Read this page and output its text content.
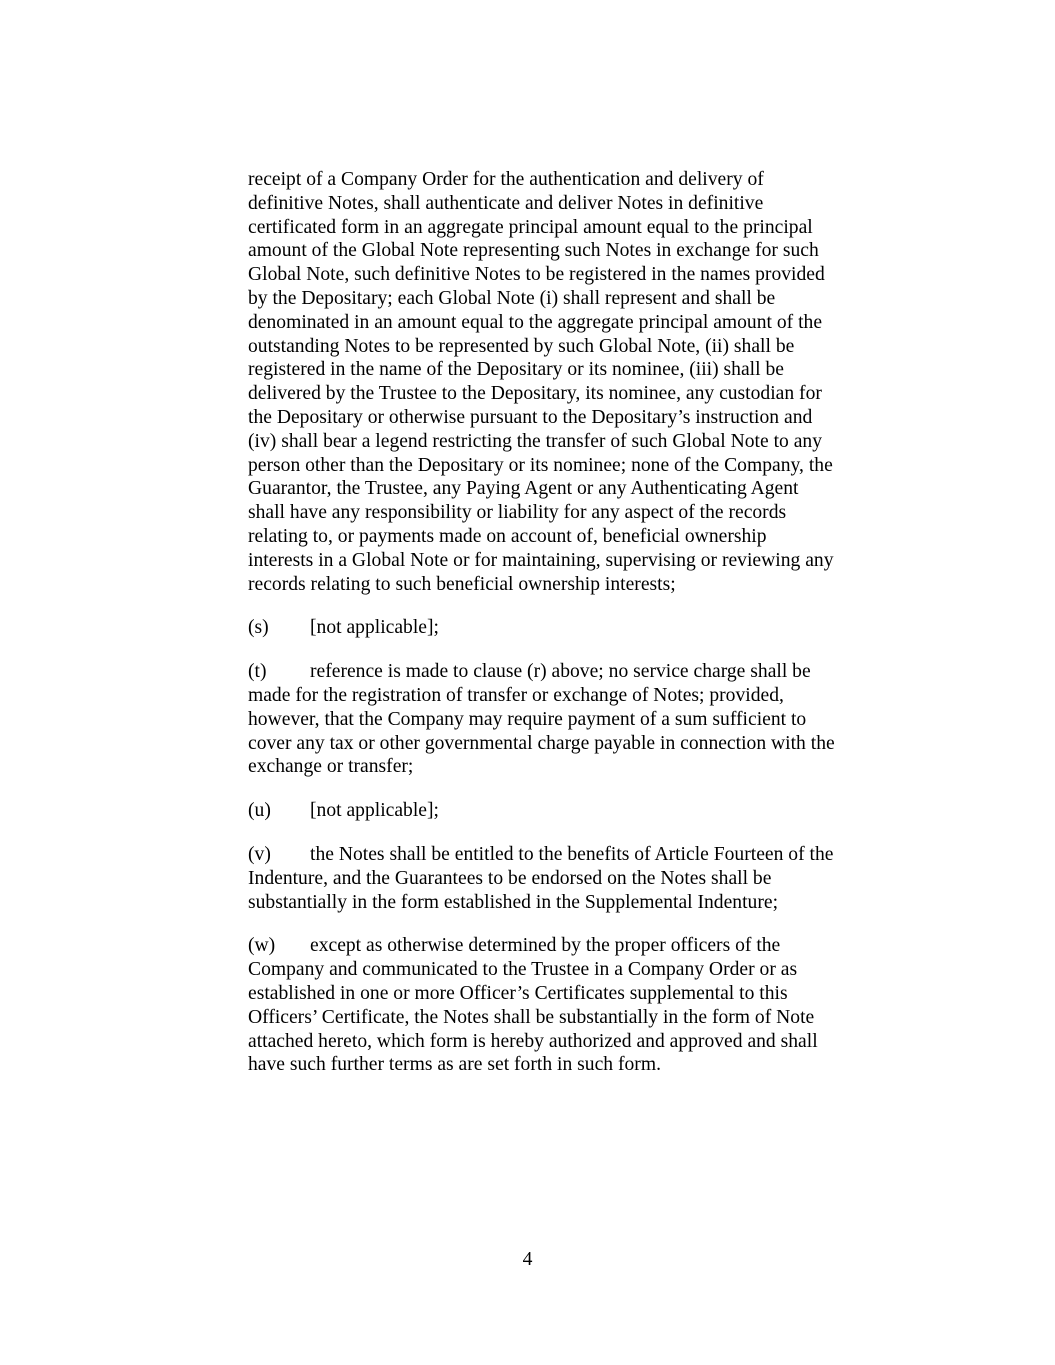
receipt of a Company Order for the authentication and delivery of
definitive Notes, shall authenticate and deliver Notes in definitive
certificated form in an aggregate principal amount equal to the principal
amount of the Global Note representing such Notes in exchange for such
Global Note, such definitive Notes to be registered in the names provided
by the Depositary; each Global Note (i) shall represent and shall be
denominated in an amount equal to the aggregate principal amount of the
outstanding Notes to be represented by such Global Note, (ii) shall be
registered in the name of the Depositary or its nominee, (iii) shall be
delivered by the Trustee to the Depositary, its nominee, any custodian for
the Depositary or otherwise pursuant to the Depositary’s instruction and
(iv) shall bear a legend restricting the transfer of such Global Note to any
person other than the Depositary or its nominee; none of the Company, the
Guarantor, the Trustee, any Paying Agent or any Authenticating Agent
shall have any responsibility or liability for any aspect of the records
relating to, or payments made on account of, beneficial ownership
interests in a Global Note or for maintaining, supervising or reviewing any
records relating to such beneficial ownership interests;

(s) [not applicable];

(t) reference is made to clause (r) above; no service charge shall be
made for the registration of transfer or exchange of Notes; provided,
however, that the Company may require payment of a sum sufficient to
cover any tax or other governmental charge payable in connection with the
exchange or transfer;

(u) [not applicable];

(v) the Notes shall be entitled to the benefits of Article Fourteen of the
Indenture, and the Guarantees to be endorsed on the Notes shall be
substantially in the form established in the Supplemental Indenture;

(w) except as otherwise determined by the proper officers of the
Company and communicated to the Trustee in a Company Order or as
established in one or more Officer’s Certificates supplemental to this
Officers’ Certificate, the Notes shall be substantially in the form of Note
attached hereto, which form is hereby authorized and approved and shall
have such further terms as are set forth in such form.

4
